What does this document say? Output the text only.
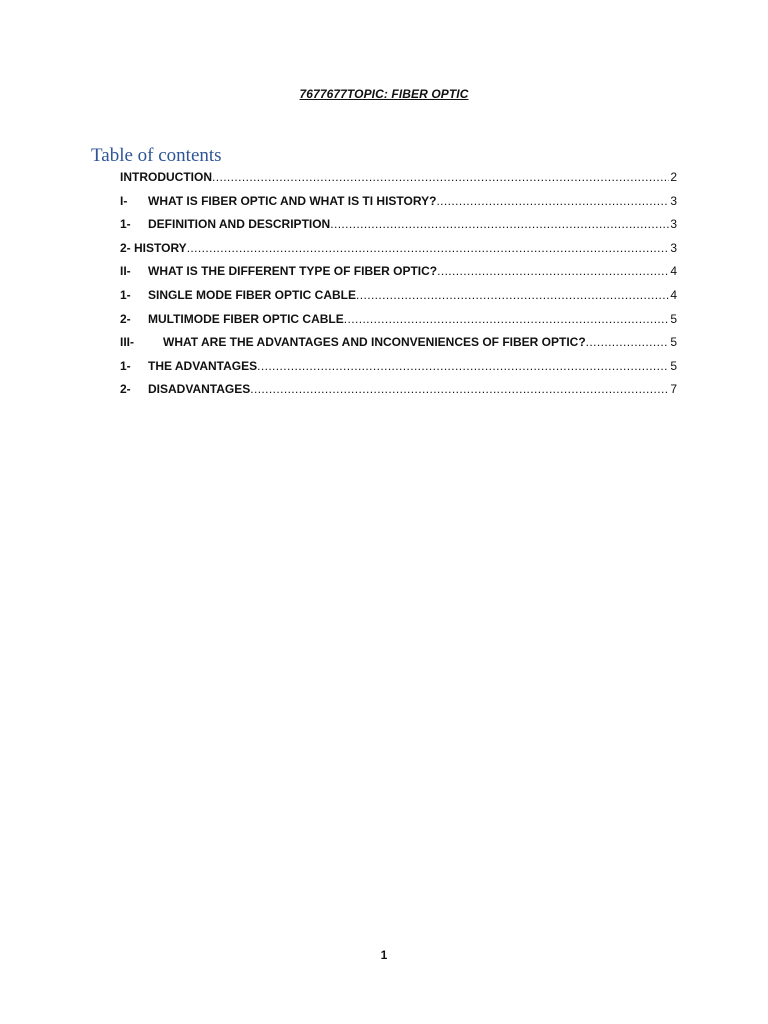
7677677TOPIC: FIBER OPTIC
Table of contents
INTRODUCTION .....	2
I-	WHAT IS FIBER OPTIC AND WHAT IS TI HISTORY? .....	3
1-	DEFINITION AND DESCRIPTION .....	3
2- HISTORY .....	3
II-	WHAT IS THE DIFFERENT TYPE OF FIBER OPTIC? .....	4
1-	SINGLE MODE FIBER OPTIC CABLE .....	4
2-	MULTIMODE FIBER OPTIC CABLE .....	5
III-	WHAT ARE THE ADVANTAGES AND INCONVENIENCES OF FIBER OPTIC? .....	5
1-	THE ADVANTAGES .....	5
2-	DISADVANTAGES .....	7
1
